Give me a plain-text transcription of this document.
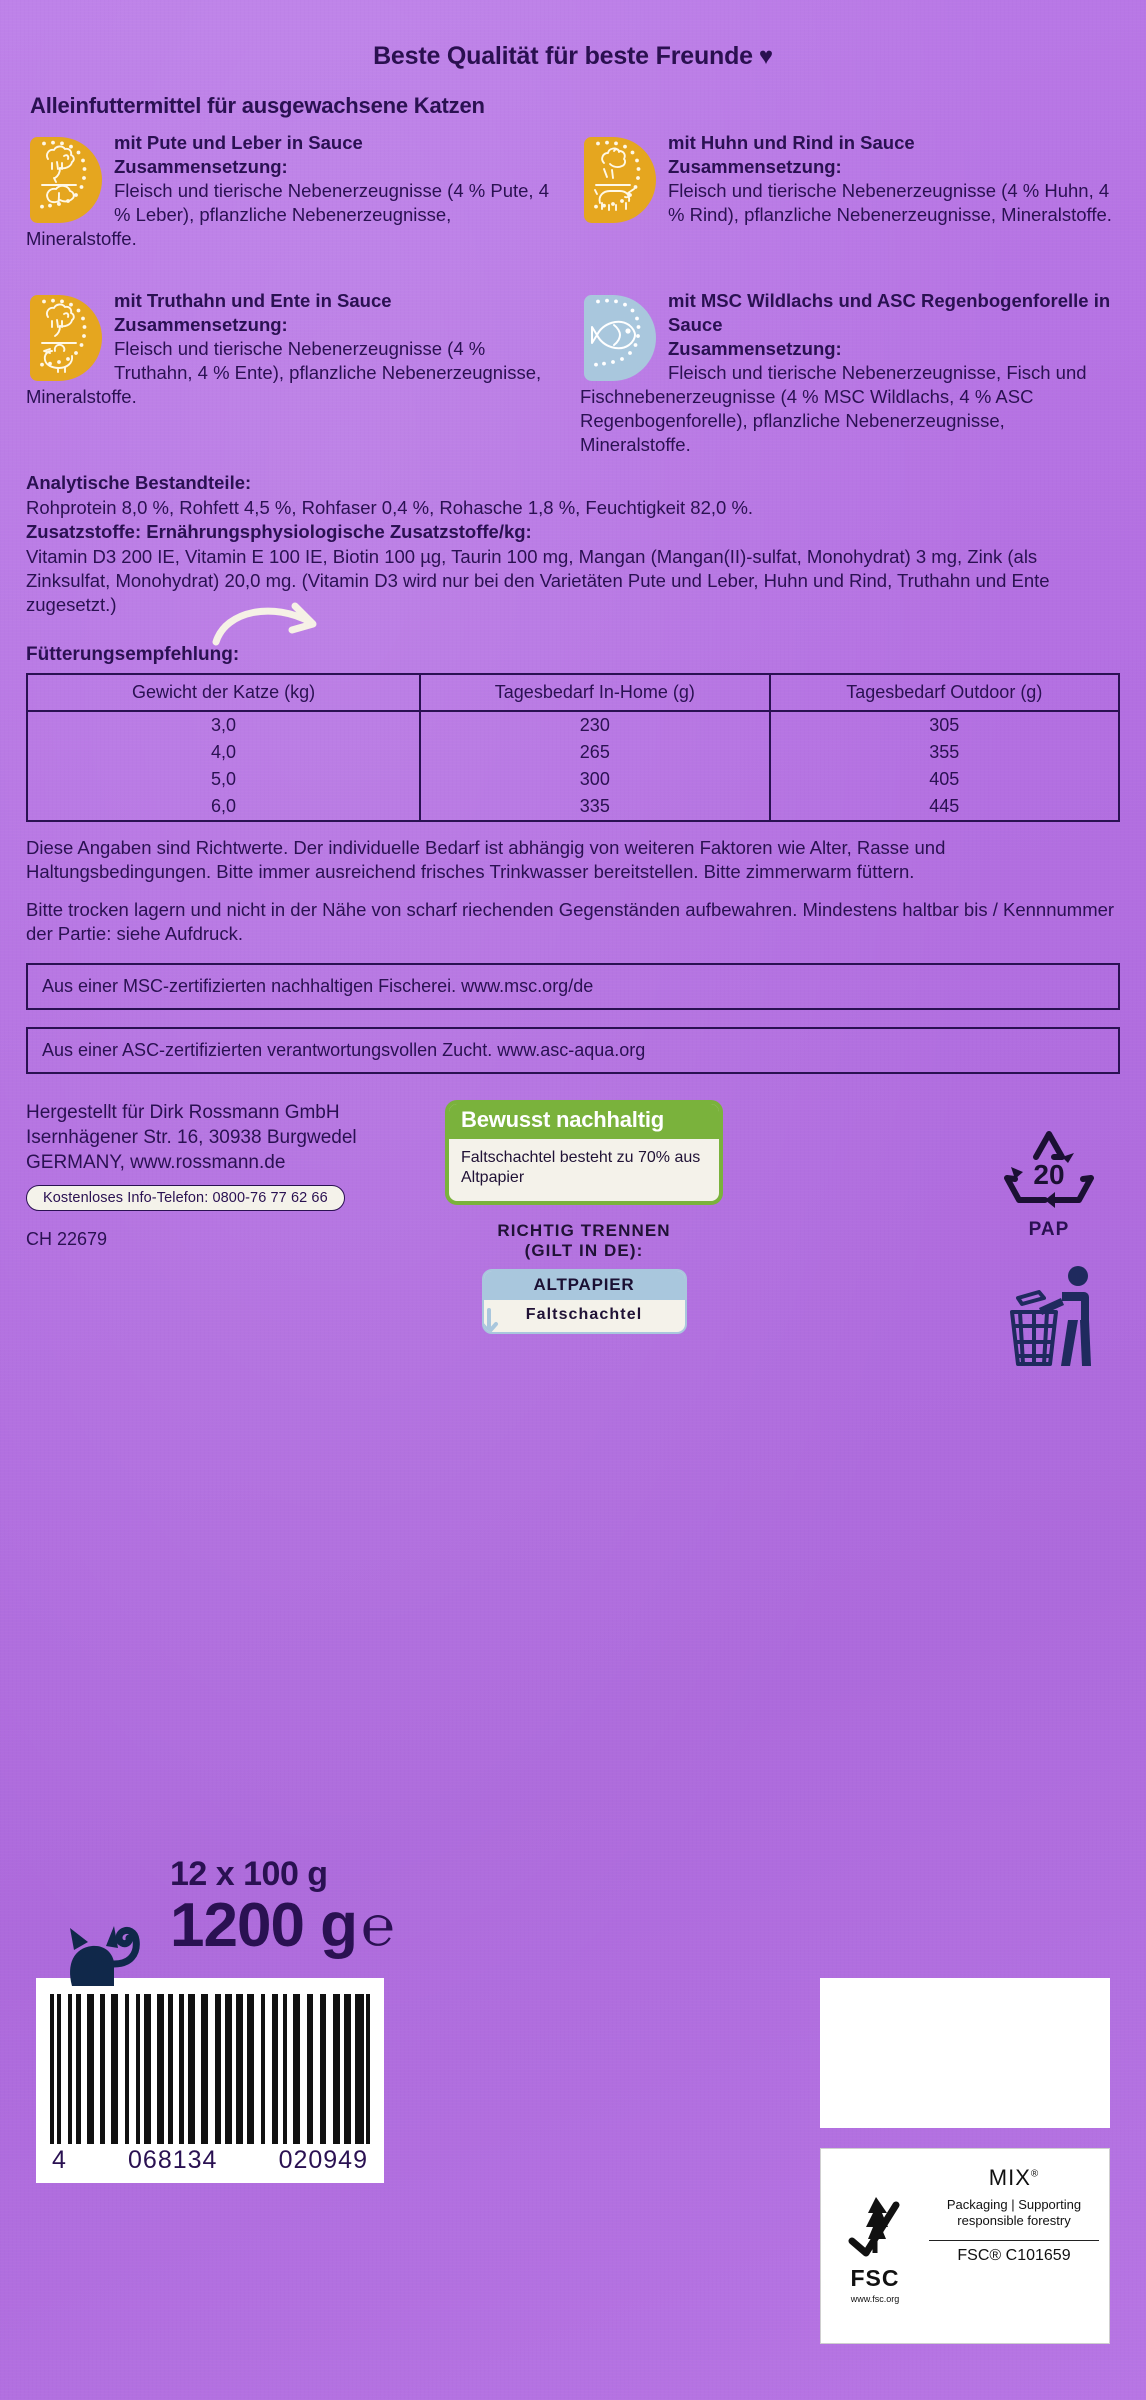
Beste Qualität für beste Freunde ♥
Alleinfuttermittel für ausgewachsene Katzen
mit Pute und Leber in Sauce
Zusammensetzung:
Fleisch und tierische Nebenerzeugnisse (4 % Pute, 4 % Leber), pflanzliche Nebenerzeugnisse, Mineralstoffe.
mit Huhn und Rind in Sauce
Zusammensetzung:
Fleisch und tierische Nebenerzeugnisse (4 % Huhn, 4 % Rind), pflanzliche Nebenerzeugnisse, Mineralstoffe.
mit Truthahn und Ente in Sauce
Zusammensetzung:
Fleisch und tierische Nebenerzeugnisse (4 % Truthahn, 4 % Ente), pflanzliche Nebenerzeugnisse, Mineralstoffe.
mit MSC Wildlachs und ASC Regenbogenforelle in Sauce
Zusammensetzung:
Fleisch und tierische Nebenerzeugnisse, Fisch und Fischnebenerzeugnisse (4 % MSC Wildlachs, 4 % ASC Regenbogenforelle), pflanzliche Nebenerzeugnisse, Mineralstoffe.

Analytische Bestandteile:

Rohprotein 8,0 %, Rohfett 4,5 %, Rohfaser 0,4 %, Rohasche 1,8 %, Feuchtigkeit 82,0 %.

Zusatzstoffe: Ernährungsphysiologische Zusatzstoffe/kg:

Vitamin D3 200 IE, Vitamin E 100 IE, Biotin 100 µg, Taurin 100 mg, Mangan (Mangan(II)-sulfat, Monohydrat) 3 mg, Zink (als Zinksulfat, Monohydrat) 20,0 mg. (Vitamin D3 wird nur bei den Varietäten Pute und Leber, Huhn und Rind, Truthahn und Ente zugesetzt.)

Fütterungsempfehlung:
Gewicht der Katze (kg)	Tagesbedarf In-Home (g)	Tagesbedarf Outdoor (g)
3,0	230	305
4,0	265	355
5,0	300	405
6,0	335	445
Diese Angaben sind Richtwerte. Der individuelle Bedarf ist abhängig von weiteren Faktoren wie Alter, Rasse und Haltungsbedingungen. Bitte immer ausreichend frisches Trinkwasser bereitstellen. Bitte zimmerwarm füttern.
Bitte trocken lagern und nicht in der Nähe von scharf riechenden Gegenständen aufbewahren. Mindestens haltbar bis / Kennnummer der Partie: siehe Aufdruck.
Aus einer MSC-zertifizierten nachhaltigen Fischerei. www.msc.org/de
Aus einer ASC-zertifizierten verantwortungsvollen Zucht. www.asc-aqua.org
Hergestellt für Dirk Rossmann GmbH
Isernhägener Str. 16, 30938 Burgwedel
GERMANY, www.rossmann.de
Kostenloses Info-Telefon: 0800-76 77 62 66
CH 22679
Bewusst nachhaltig
Faltschachtel besteht zu 70% aus Altpapier
RICHTIG TRENNEN
(GILT IN DE):
ALTPAPIER
Faltschachtel
20
PAP
12 x 100 g
1200 g ℮
4 068134 020949
FSC
www.fsc.org
MIX®
Packaging | Supporting responsible forestry
FSC® C101659
